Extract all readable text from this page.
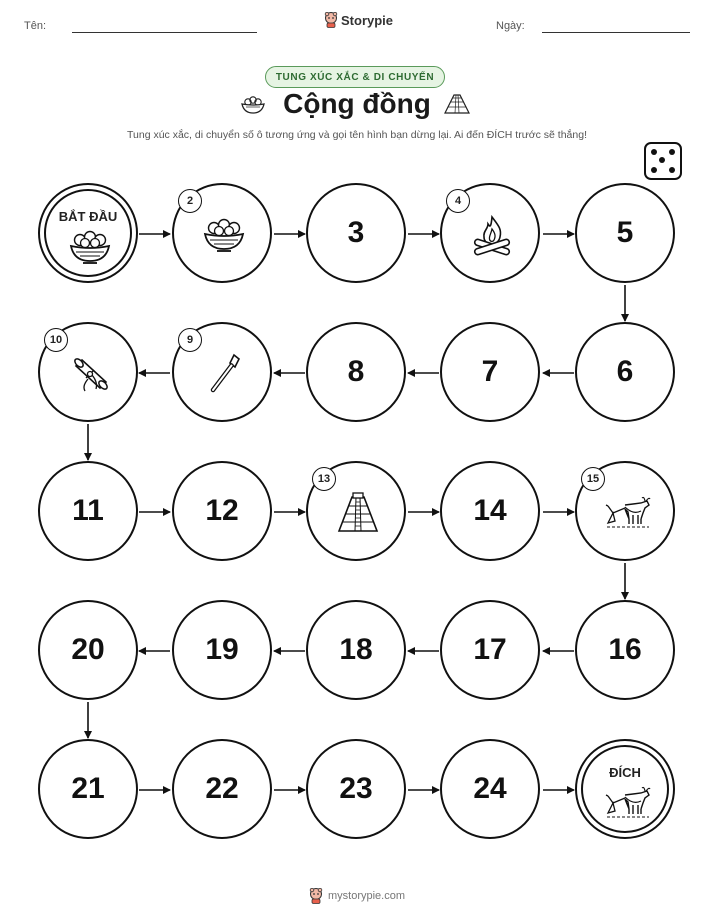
Tên:	Storypie	Ngày:
TUNG XÚC XẮC & DI CHUYỂN
Cộng đồng
Tung xúc xắc, di chuyển số ô tương ứng và gọi tên hình bạn dừng lại. Ai đến ĐÍCH trước sẽ thắng!
BẮT ĐẦU
2
3
4
5
6
7
8
9
10
11	12
13
14
15
16
17
18
19
20
21	22	23	24	ĐÍCH
mystorypie.com
